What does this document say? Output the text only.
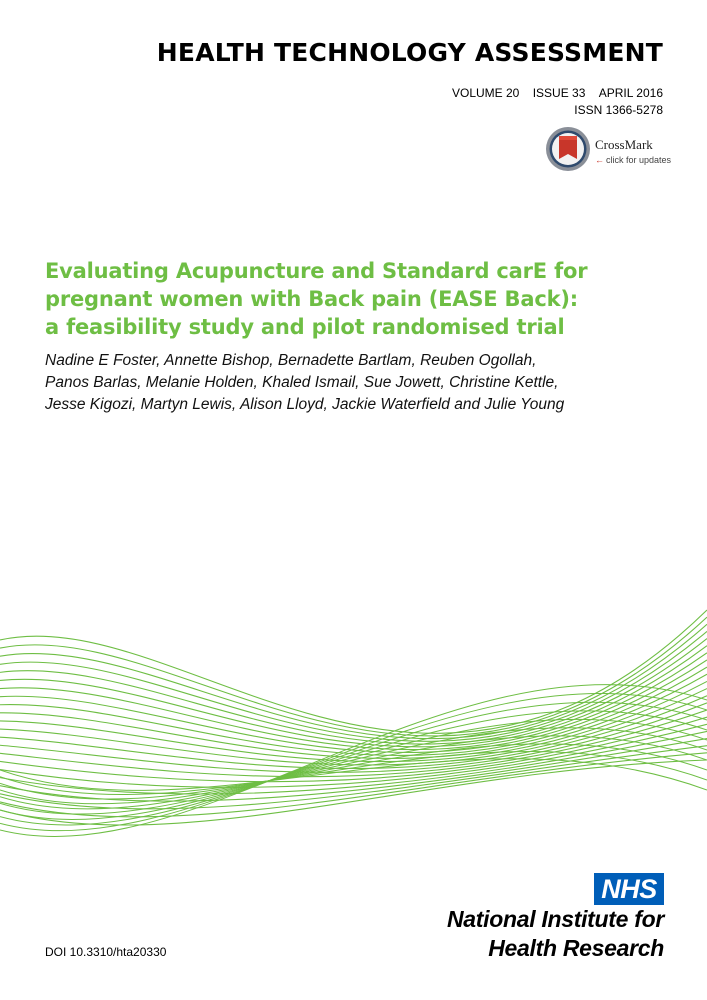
HEALTH TECHNOLOGY ASSESSMENT
VOLUME 20 ISSUE 33 APRIL 2016
ISSN 1366-5278
CrossMark
← click for updates
Evaluating Acupuncture and Standard carE for
pregnant women with Back pain (EASE Back):
a feasibility study and pilot randomised trial
Nadine E Foster, Annette Bishop, Bernadette Bartlam, Reuben Ogollah,
Panos Barlas, Melanie Holden, Khaled Ismail, Sue Jowett, Christine Kettle,
Jesse Kigozi, Martyn Lewis, Alison Lloyd, Jackie Waterfield and Julie Young
NHS
National Institute for
Health Research
DOI 10.3310/hta20330
